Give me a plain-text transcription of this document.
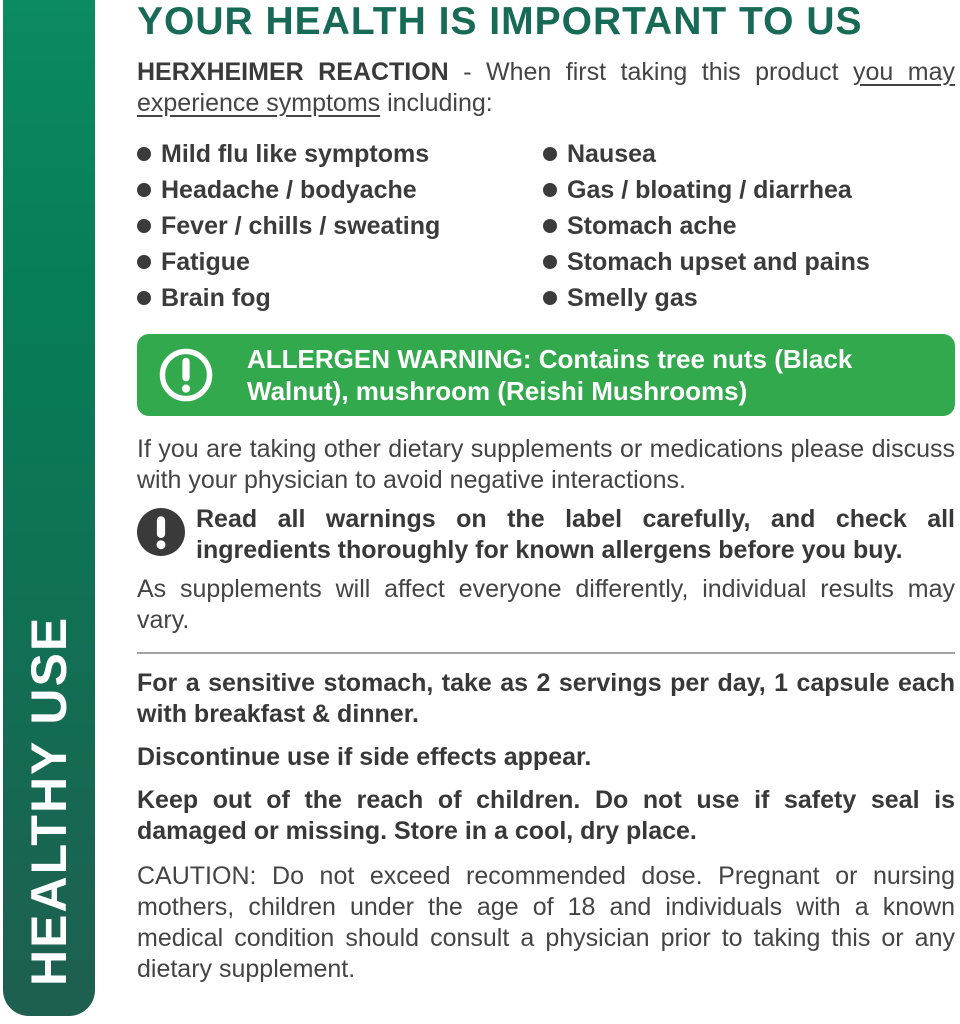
HEALTHY USE
YOUR HEALTH IS IMPORTANT TO US

HERXHEIMER REACTION - When first taking this product you may experience symptoms including:

Mild flu like symptoms
Headache / bodyache
Fever / chills / sweating
Fatigue
Brain fog
Nausea
Gas / bloating / diarrhea
Stomach ache
Stomach upset and pains
Smelly gas
ALLERGEN WARNING: Contains tree nuts (Black Walnut), mushroom (Reishi Mushrooms)

If you are taking other dietary supplements or medications please discuss with your physician to avoid negative interactions.

Read all warnings on the label carefully, and check all ingredients thoroughly for known allergens before you buy.

As supplements will affect everyone differently, individual results may vary.

For a sensitive stomach, take as 2 servings per day, 1 capsule each with breakfast & dinner.

Discontinue use if side effects appear.

Keep out of the reach of children. Do not use if safety seal is damaged or missing. Store in a cool, dry place.

CAUTION: Do not exceed recommended dose. Pregnant or nursing mothers, children under the age of 18 and individuals with a known medical condition should consult a physician prior to taking this or any dietary supplement.
